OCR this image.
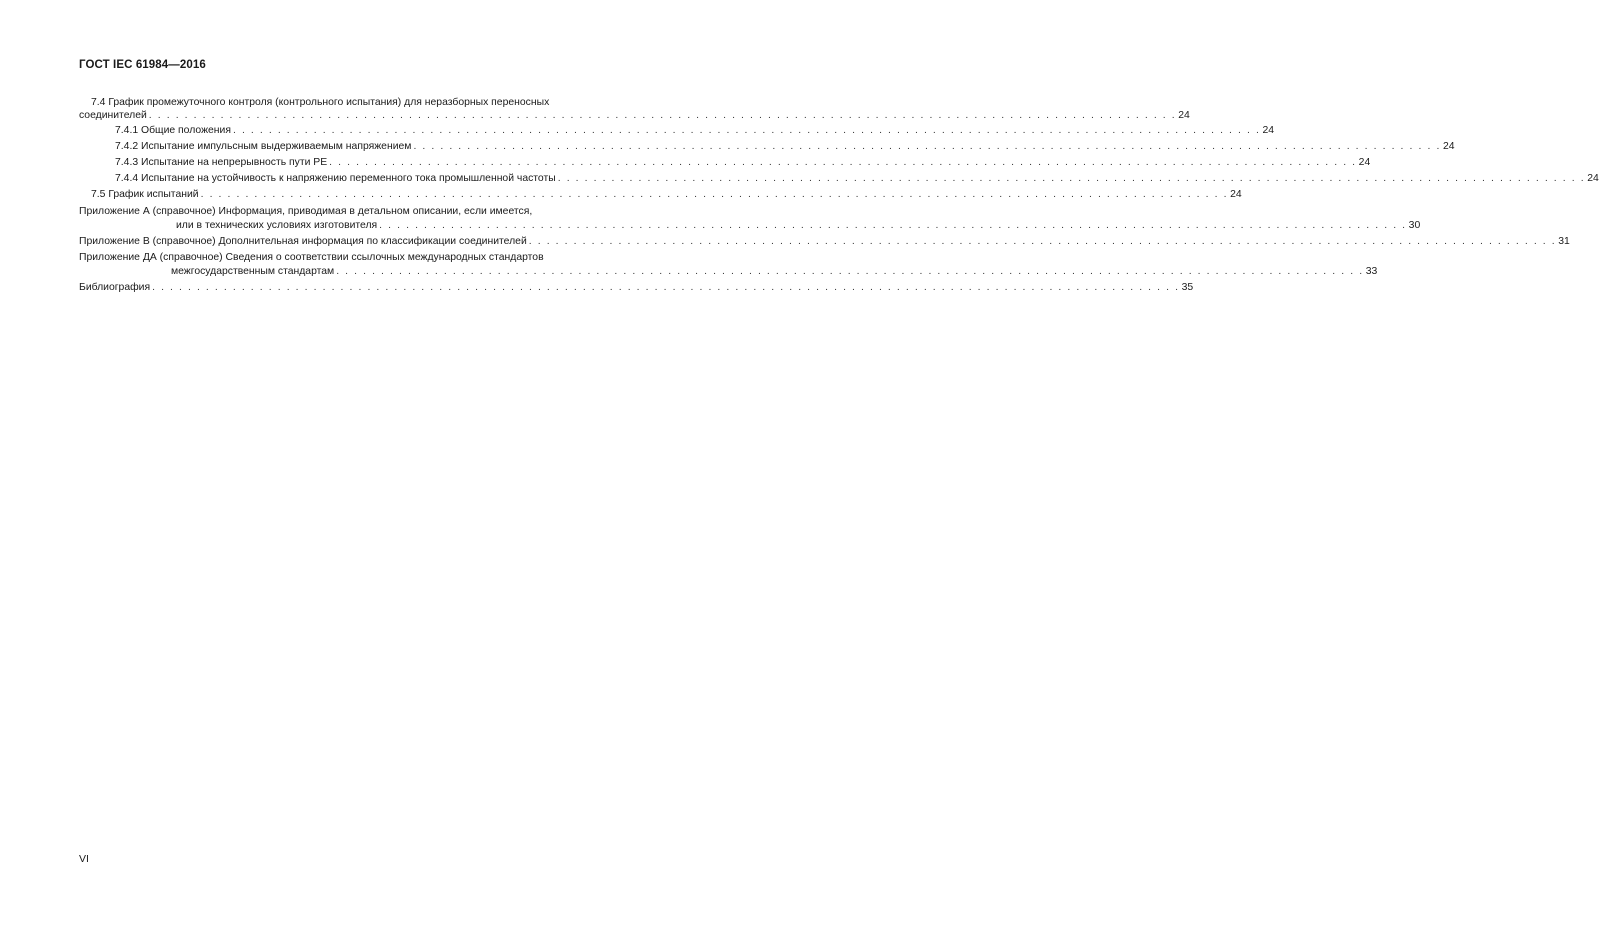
ГОСТ IEC 61984—2016
7.4 График промежуточного контроля (контрольного испытания) для неразборных переносных
соединителей . . . . . . . . . . . . . . . . . . . . . . . . . . . . . . . . . . . . . . . . . . . . . . . . . . . . . . . . . . . . . . . . . . . . . . . . . . . . . . . . . . . . . . . . . . . . . . . . . . . . . . . . . . . . . . . . . . . 24
7.4.1 Общие положения . . . . . . . . . . . . . . . . . . . . . . . . . . . . . . . . . . . . . . . . . . . . . . . . . . . . . . . . . . . . . . . . . . . . . . . . . . . . . . . . . . . . . . . . . . . . . . . . . . . . . . . . . . . . . . . . . . . 24
7.4.2 Испытание импульсным выдерживаемым напряжением . . . . . . . . . . . . . . . . . . . . . . . . . . . . . . . . . . . . . . . . . . . . . . . . . . . . . . . . . . . . . . . . . . . . . . . . . . . . . . . . . . . . . . . . . . . . . . . . . . . . . . . . . . . . . . . . . . . 24
7.4.3 Испытание на непрерывность пути РЕ . . . . . . . . . . . . . . . . . . . . . . . . . . . . . . . . . . . . . . . . . . . . . . . . . . . . . . . . . . . . . . . . . . . . . . . . . . . . . . . . . . . . . . . . . . . . . . . . . . . . . . . . . . . . . . . . . . . 24
7.4.4 Испытание на устойчивость к напряжению переменного тока промышленной частоты . . . . . . . . . . . . . . . . . . . . . . . . . . . . . . . . . . . . . . . . . . . . . . . . . . . . . . . . . . . . . . . . . . . . . . . . . . . . . . . . . . . . . . . . . . . . . . . . . . . . . . . . . . . . . . . . . . . 24
7.5 График испытаний . . . . . . . . . . . . . . . . . . . . . . . . . . . . . . . . . . . . . . . . . . . . . . . . . . . . . . . . . . . . . . . . . . . . . . . . . . . . . . . . . . . . . . . . . . . . . . . . . . . . . . . . . . . . . . . . . . . 24
Приложение А (справочное) Информация, приводимая в детальном описании, если имеется,
или в технических условиях изготовителя . . . . . . . . . . . . . . . . . . . . . . . . . . . . . . . . . . . . . . . . . . . . . . . . . . . . . . . . . . . . . . . . . . . . . . . . . . . . . . . . . . . . . . . . . . . . . . . . . . . . . . . . . . . . . . . . . . . 30
Приложение В (справочное) Дополнительная информация по классификации соединителей . . . . . . . . . . . . . . . . . . . . . . . . . . . . . . . . . . . . . . . . . . . . . . . . . . . . . . . . . . . . . . . . . . . . . . . . . . . . . . . . . . . . . . . . . . . . . . . . . . . . . . . . . . . . . . . . . . . 31
Приложение ДА (справочное) Сведения о соответствии ссылочных международных стандартов
межгосударственным стандартам . . . . . . . . . . . . . . . . . . . . . . . . . . . . . . . . . . . . . . . . . . . . . . . . . . . . . . . . . . . . . . . . . . . . . . . . . . . . . . . . . . . . . . . . . . . . . . . . . . . . . . . . . . . . . . . . . . . 33
Библиография . . . . . . . . . . . . . . . . . . . . . . . . . . . . . . . . . . . . . . . . . . . . . . . . . . . . . . . . . . . . . . . . . . . . . . . . . . . . . . . . . . . . . . . . . . . . . . . . . . . . . . . . . . . . . . . . . . . 35
VI
